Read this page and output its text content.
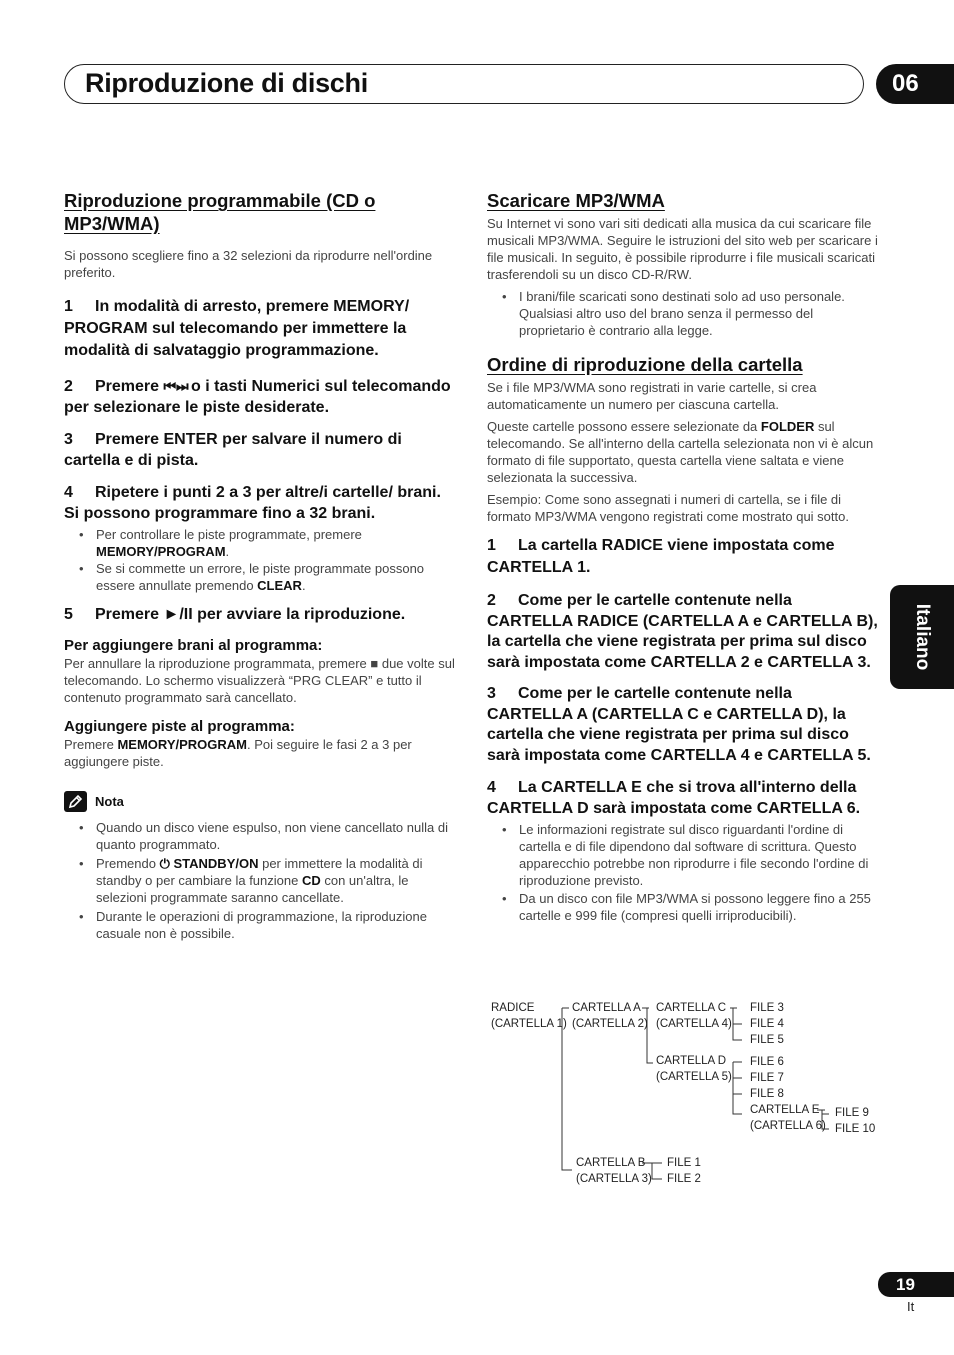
Riproduzione di dischi	06
Italiano
Riproduzione programmabile (CD o MP3/WMA)

Si possono scegliere fino a 32 selezioni da riprodurre nell'ordine preferito.

1 In modalità di arresto, premere MEMORY/ PROGRAM sul telecomando per immettere la modalità di salvataggio programmazione.

2 Premere ⏮ ⏭ o i tasti Numerici sul telecomando per selezionare le piste desiderate.

3 Premere ENTER per salvare il numero di cartella e di pista.

4 Ripetere i punti 2 a 3 per altre/i cartelle/ brani. Si possono programmare fino a 32 brani.

• Per controllare le piste programmate, premere MEMORY/PROGRAM.
• Se si commette un errore, le piste programmate possono essere annullate premendo CLEAR.

5 Premere ►/II per avviare la riproduzione.

Per aggiungere brani al programma:

Per annullare la riproduzione programmata, premere ■ due volte sul telecomando. Lo schermo visualizzerà “PRG CLEAR” e tutto il contenuto programmato sarà cancellato.

Aggiungere piste al programma:

Premere MEMORY/PROGRAM. Poi seguire le fasi 2 a 3 per aggiungere piste.

Nota
• Quando un disco viene espulso, non viene cancellato nulla di quanto programmato.
• Premendo ⏻ STANDBY/ON per immettere la modalità di standby o per cambiare la funzione CD con un'altra, le selezioni programmate saranno cancellate.
• Durante le operazioni di programmazione, la riproduzione casuale non è possibile.
Scaricare MP3/WMA

Su Internet vi sono vari siti dedicati alla musica da cui scaricare file musicali MP3/WMA. Seguire le istruzioni del sito web per scaricare i file musicali. In seguito, è possibile riprodurre i file musicali scaricati trasferendoli su un disco CD-R/RW.

• I brani/file scaricati sono destinati solo ad uso personale. Qualsiasi altro uso del brano senza il permesso del proprietario è contrario alla legge.
Ordine di riproduzione della cartella

Se i file MP3/WMA sono registrati in varie cartelle, si crea automaticamente un numero per ciascuna cartella.

Queste cartelle possono essere selezionate da FOLDER sul telecomando. Se all'interno della cartella selezionata non vi è alcun formato di file supportato, questa cartella viene saltata e viene selezionata la successiva.

Esempio: Come sono assegnati i numeri di cartella, se i file di formato MP3/WMA vengono registrati come mostrato qui sotto.

1 La cartella RADICE viene impostata come CARTELLA 1.

2 Come per le cartelle contenute nella CARTELLA RADICE (CARTELLA A e CARTELLA B), la cartella che viene registrata per prima sul disco sarà impostata come CARTELLA 2 e CARTELLA 3.

3 Come per le cartelle contenute nella CARTELLA A (CARTELLA C e CARTELLA D), la cartella che viene registrata per prima sul disco sarà impostata come CARTELLA 4 e CARTELLA 5.

4 La CARTELLA E che si trova all'interno della CARTELLA D sarà impostata come CARTELLA 6.

• Le informazioni registrate sul disco riguardanti l'ordine di cartella e di file dipendono dal software di scrittura. Questo apparecchio potrebbe non riprodurre i file secondo l'ordine di riproduzione previsto.
• Da un disco con file MP3/WMA si possono leggere fino a 255 cartelle e 999 file (compresi quelli irriproducibili).
RADICE
(CARTELLA 1)
CARTELLA A
(CARTELLA 2)
CARTELLA C
(CARTELLA 4)
CARTELLA D
(CARTELLA 5)
CARTELLA E
(CARTELLA 6)
CARTELLA B
(CARTELLA 3)
FILE 3
FILE 4
FILE 5
FILE 6
FILE 7
FILE 8
FILE 9
FILE 10
FILE 1
FILE 2
19
It
